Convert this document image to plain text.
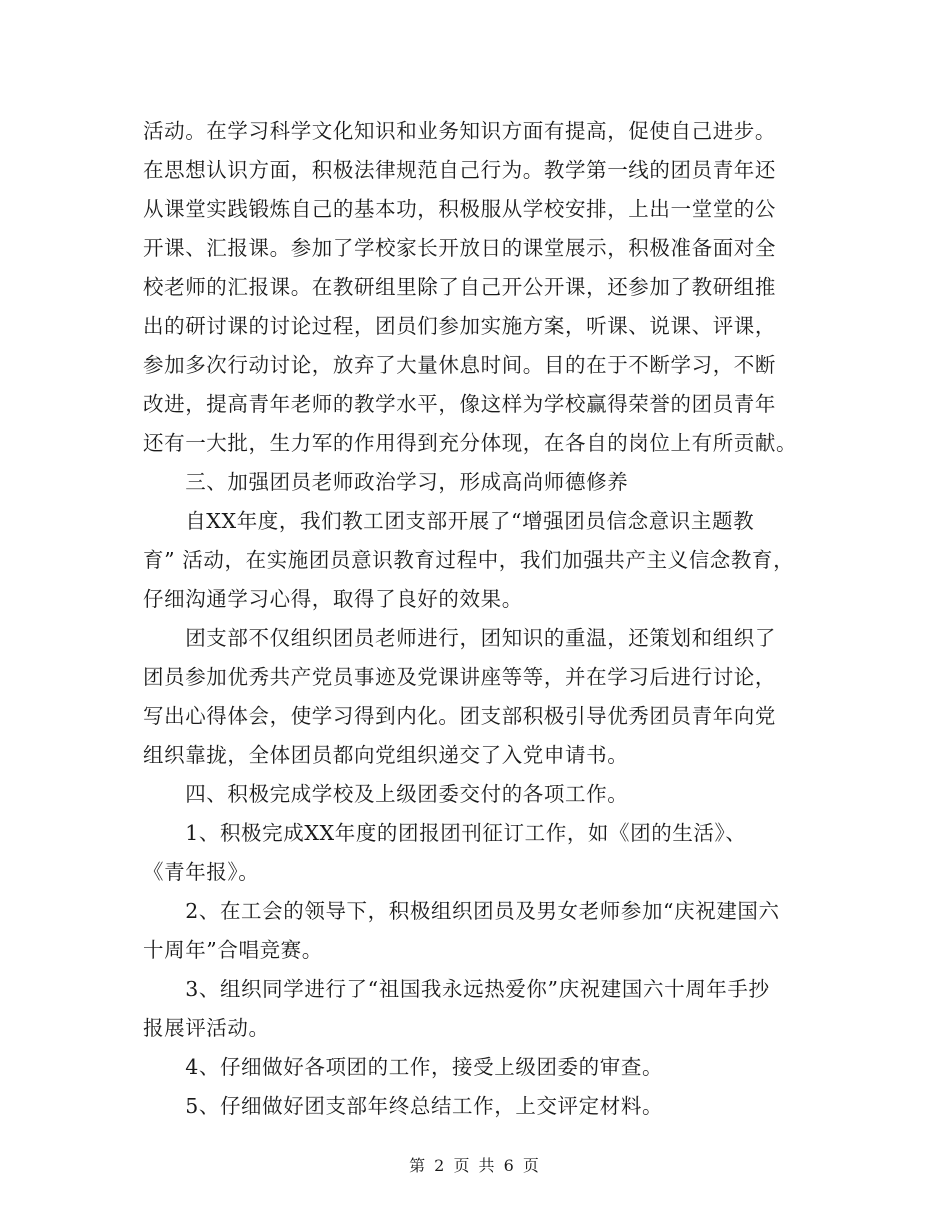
活动。在学习科学文化知识和业务知识方面有提高，促使自己进步。
在思想认识方面，积极法律规范自己行为。教学第一线的团员青年还
从课堂实践锻炼自己的基本功，积极服从学校安排，上出一堂堂的公
开课、汇报课。参加了学校家长开放日的课堂展示，积极准备面对全
校老师的汇报课。在教研组里除了自己开公开课，还参加了教研组推
出的研讨课的讨论过程，团员们参加实施方案，听课、说课、评课，
参加多次行动讨论，放弃了大量休息时间。目的在于不断学习，不断
改进，提高青年老师的教学水平，像这样为学校赢得荣誉的团员青年
还有一大批，生力军的作用得到充分体现，在各自的岗位上有所贡献。
　　三、加强团员老师政治学习，形成高尚师德修养
　　自XX年度，我们教工团支部开展了“增强团员信念意识主题教
育” 活动，在实施团员意识教育过程中，我们加强共产主义信念教育，
仔细沟通学习心得，取得了良好的效果。
　　团支部不仅组织团员老师进行，团知识的重温，还策划和组织了
团员参加优秀共产党员事迹及党课讲座等等，并在学习后进行讨论，
写出心得体会，使学习得到内化。团支部积极引导优秀团员青年向党
组织靠拢，全体团员都向党组织递交了入党申请书。
　　四、积极完成学校及上级团委交付的各项工作。
　　1、积极完成XX年度的团报团刊征订工作，如《团的生活》、
《青年报》。
　　2、在工会的领导下，积极组织团员及男女老师参加“庆祝建国六
十周年”合唱竞赛。
　　3、组织同学进行了“祖国我永远热爱你”庆祝建国六十周年手抄
报展评活动。
　　4、仔细做好各项团的工作，接受上级团委的审查。
　　5、仔细做好团支部年终总结工作，上交评定材料。
第 2 页 共 6 页
